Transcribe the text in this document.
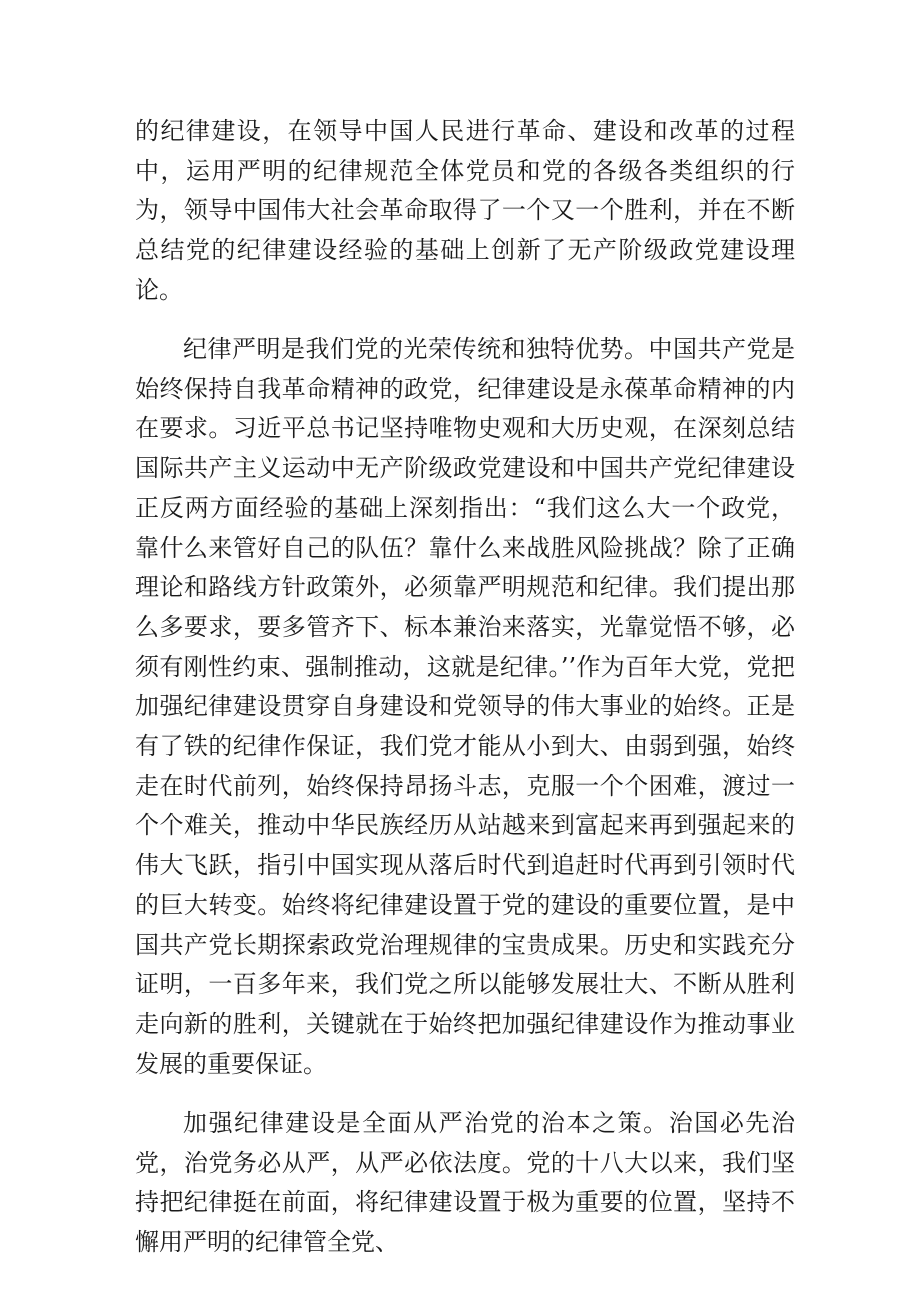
的纪律建设，在领导中国人民进行革命、建设和改革的过程中，运用严明的纪律规范全体党员和党的各级各类组织的行为，领导中国伟大社会革命取得了一个又一个胜利，并在不断总结党的纪律建设经验的基础上创新了无产阶级政党建设理论。

纪律严明是我们党的光荣传统和独特优势。中国共产党是始终保持自我革命精神的政党，纪律建设是永葆革命精神的内在要求。习近平总书记坚持唯物史观和大历史观，在深刻总结国际共产主义运动中无产阶级政党建设和中国共产党纪律建设正反两方面经验的基础上深刻指出：“我们这么大一个政党，靠什么来管好自己的队伍？靠什么来战胜风险挑战？除了正确理论和路线方针政策外，必须靠严明规范和纪律。我们提出那么多要求，要多管齐下、标本兼治来落实，光靠觉悟不够，必须有刚性约束、强制推动，这就是纪律。’’作为百年大党，党把加强纪律建设贯穿自身建设和党领导的伟大事业的始终。正是有了铁的纪律作保证，我们党才能从小到大、由弱到强，始终走在时代前列，始终保持昂扬斗志，克服一个个困难，渡过一个个难关，推动中华民族经历从站越来到富起来再到强起来的伟大飞跃，指引中国实现从落后时代到追赶时代再到引领时代的巨大转变。始终将纪律建设置于党的建设的重要位置，是中国共产党长期探索政党治理规律的宝贵成果。历史和实践充分证明，一百多年来，我们党之所以能够发展壮大、不断从胜利走向新的胜利，关键就在于始终把加强纪律建设作为推动事业发展的重要保证。

加强纪律建设是全面从严治党的治本之策。治国必先治党，治党务必从严，从严必依法度。党的十八大以来，我们坚持把纪律挺在前面，将纪律建设置于极为重要的位置，坚持不懈用严明的纪律管全党、
